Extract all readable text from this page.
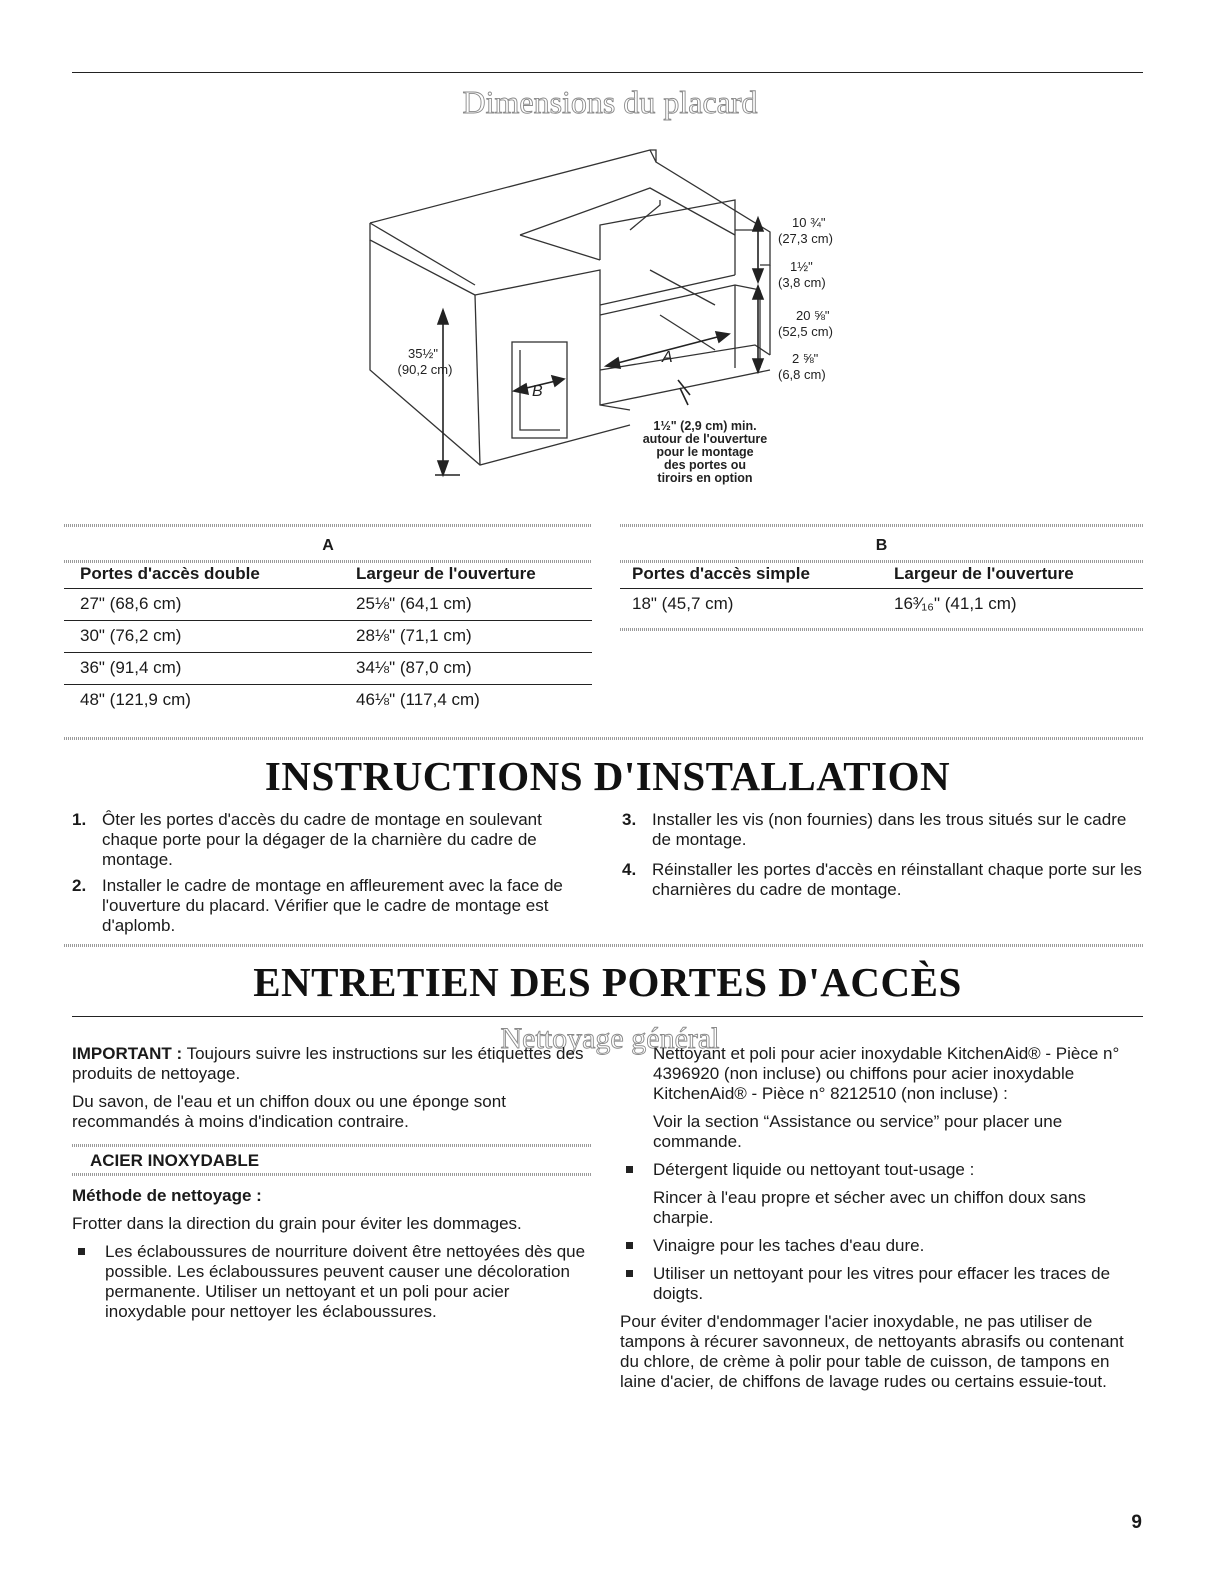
Dimensions du placard
35½"
(90,2 cm)
10 ¾"
(27,3 cm)
1½"
(3,8 cm)
20 ⅝"
(52,5 cm)
2 ⅝"
(6,8 cm)
A
B
1½" (2,9 cm) min.
autour de l'ouverture
pour le montage
des portes ou
tiroirs en option
A	
Portes d'accès double	Largeur de l'ouverture
27" (68,6 cm)	25⅛" (64,1 cm)
30" (76,2 cm)	28⅛" (71,1 cm)
36" (91,4 cm)	34⅛" (87,0 cm)
48" (121,9 cm)	46⅛" (117,4 cm)
B	
Portes d'accès simple	Largeur de l'ouverture
18" (45,7 cm)	16³⁄₁₆" (41,1 cm)
INSTRUCTIONS D'INSTALLATION
1. Ôter les portes d'accès du cadre de montage en soulevant chaque porte pour la dégager de la charnière du cadre de montage.
2. Installer le cadre de montage en affleurement avec la face de l'ouverture du placard. Vérifier que le cadre de montage est d'aplomb.
3. Installer les vis (non fournies) dans les trous situés sur le cadre de montage.
4. Réinstaller les portes d'accès en réinstallant chaque porte sur les charnières du cadre de montage.
ENTRETIEN DES PORTES D'ACCÈS
Nettoyage général

IMPORTANT : Toujours suivre les instructions sur les étiquettes des produits de nettoyage.

Du savon, de l'eau et un chiffon doux ou une éponge sont recommandés à moins d'indication contraire.

ACIER INOXYDABLE
Méthode de nettoyage :

Frotter dans la direction du grain pour éviter les dommages.

Les éclaboussures de nourriture doivent être nettoyées dès que possible. Les éclaboussures peuvent causer une décoloration permanente. Utiliser un nettoyant et un poli pour acier inoxydable pour nettoyer les éclaboussures.

Nettoyant et poli pour acier inoxydable KitchenAid® - Pièce n° 4396920 (non incluse) ou chiffons pour acier inoxydable KitchenAid® - Pièce n° 8212510 (non incluse) :

Voir la section “Assistance ou service” pour placer une commande.

Détergent liquide ou nettoyant tout-usage :

Rincer à l'eau propre et sécher avec un chiffon doux sans charpie.

Vinaigre pour les taches d'eau dure.
Utiliser un nettoyant pour les vitres pour effacer les traces de doigts.

Pour éviter d'endommager l'acier inoxydable, ne pas utiliser de tampons à récurer savonneux, de nettoyants abrasifs ou contenant du chlore, de crème à polir pour table de cuisson, de tampons en laine d'acier, de chiffons de lavage rudes ou certains essuie-tout.

9
